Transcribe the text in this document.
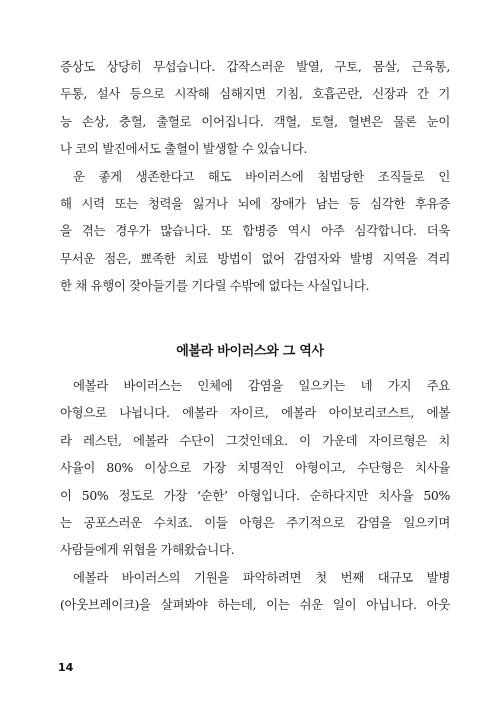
증상도 상당히 무섭습니다. 갑작스러운 발열, 구토, 몸살, 근육통,
두통, 설사 등으로 시작해 심해지면 기침, 호흡곤란, 신장과 간 기
능 손상, 충혈, 출혈로 이어집니다. 객혈, 토혈, 혈변은 물론 눈이
나 코의 발진에서도 출혈이 발생할 수 있습니다.
운 좋게 생존한다고 해도 바이러스에 침범당한 조직들로 인
해 시력 또는 청력을 잃거나 뇌에 장애가 남는 등 심각한 후유증
을 겪는 경우가 많습니다. 또 합병증 역시 아주 심각합니다. 더욱
무서운 점은, 뾰족한 치료 방법이 없어 감염자와 발병 지역을 격리
한 채 유행이 잦아들기를 기다릴 수밖에 없다는 사실입니다.
에볼라 바이러스와 그 역사
에볼라 바이러스는 인체에 감염을 일으키는 네 가지 주요
아형으로 나뉩니다. 에볼라 자이르, 에볼라 아이보리코스트, 에볼
라 레스턴, 에볼라 수단이 그것인데요. 이 가운데 자이르형은 치
사율이 80% 이상으로 가장 치명적인 아형이고, 수단형은 치사율
이 50% 정도로 가장 ‘순한’ 아형입니다. 순하다지만 치사율 50%
는 공포스러운 수치죠. 이들 아형은 주기적으로 감염을 일으키며
사람들에게 위협을 가해왔습니다.
에볼라 바이러스의 기원을 파악하려면 첫 번째 대규모 발병
(아웃브레이크)을 살펴봐야 하는데, 이는 쉬운 일이 아닙니다. 아웃
14
